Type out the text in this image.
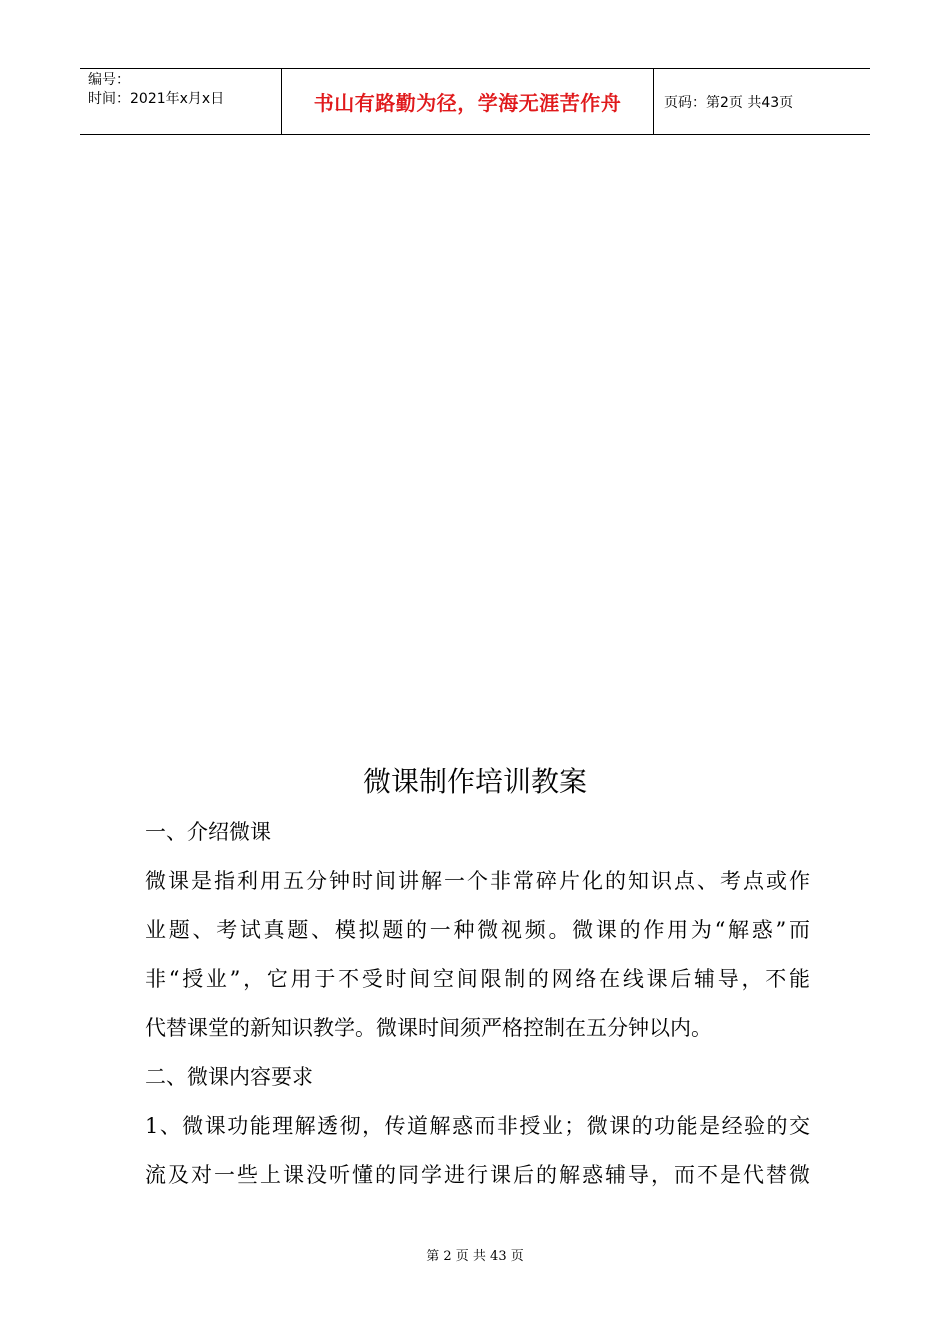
编号：
时间：2021年x月x日	书山有路勤为径，学海无涯苦作舟	页码：第2页 共43页
微课制作培训教案
一、介绍微课
微课是指利用五分钟时间讲解一个非常碎片化的知识点、考点或作
业题、考试真题、模拟题的一种微视频。微课的作用为“解惑”而
非“授业”，它用于不受时间空间限制的网络在线课后辅导，不能
代替课堂的新知识教学。微课时间须严格控制在五分钟以内。
二、微课内容要求
1、微课功能理解透彻，传道解惑而非授业；微课的功能是经验的交
流及对一些上课没听懂的同学进行课后的解惑辅导，而不是代替微
第 2 页 共 43 页
